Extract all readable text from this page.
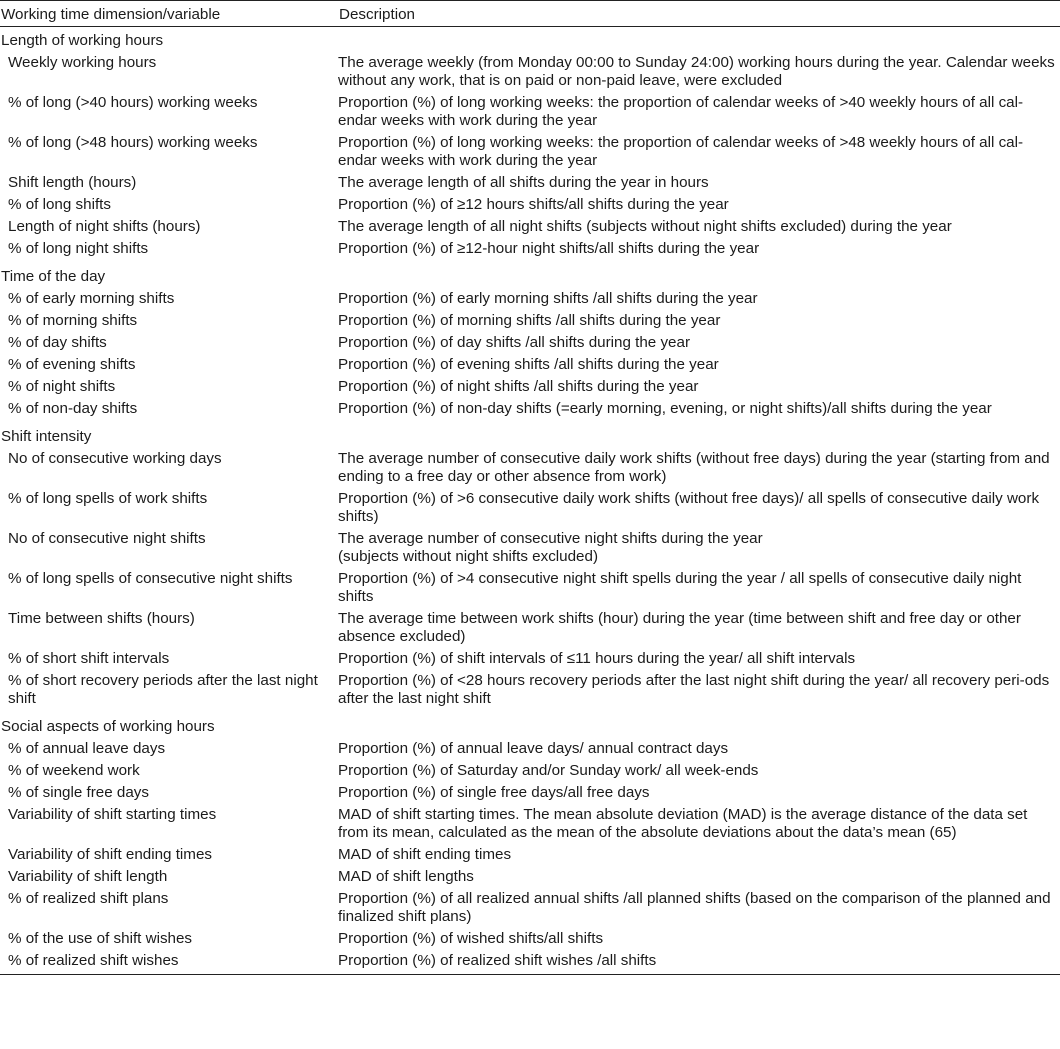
Working time dimension/variable	Description
Length of working hours	
Weekly working hours	The average weekly (from Monday 00:00 to Sunday 24:00) working hours during the year. Calendar weeks without any work, that is on paid or non-paid leave, were excluded
% of long (>40 hours) working weeks	Proportion (%) of long working weeks: the proportion of calendar weeks of >40 weekly hours of all cal-endar weeks with work during the year
% of long (>48 hours) working weeks	Proportion (%) of long working weeks: the proportion of calendar weeks of >48 weekly hours of all cal-endar weeks with work during the year
Shift length (hours)	The average length of all shifts during the year in hours
% of long shifts	Proportion (%) of ≥12 hours shifts/all shifts during the year
Length of night shifts (hours)	The average length of all night shifts (subjects without night shifts excluded) during the year
% of long night shifts	Proportion (%) of ≥12-hour night shifts/all shifts during the year
Time of the day	
% of early morning shifts	Proportion (%) of early morning shifts /all shifts during the year
% of morning shifts	Proportion (%) of morning shifts /all shifts during the year
% of day shifts	Proportion (%) of day shifts /all shifts during the year
% of evening shifts	Proportion (%) of evening shifts /all shifts during the year
% of night shifts	Proportion (%) of night shifts /all shifts during the year
% of non-day shifts	Proportion (%) of non-day shifts (=early morning, evening, or night shifts)/all shifts during the year
Shift intensity	
No of consecutive working days	The average number of consecutive daily work shifts (without free days) during the year (starting from and ending to a free day or other absence from work)
% of long spells of work shifts	Proportion (%) of >6 consecutive daily work shifts (without free days)/ all spells of consecutive daily work shifts)
No of consecutive night shifts	The average number of consecutive night shifts during the year
(subjects without night shifts excluded)
% of long spells of consecutive night shifts	Proportion (%) of >4 consecutive night shift spells during the year / all spells of consecutive daily night shifts
Time between shifts (hours)	The average time between work shifts (hour) during the year (time between shift and free day or other absence excluded)
% of short shift intervals	Proportion (%) of shift intervals of ≤11 hours during the year/ all shift intervals
% of short recovery periods after the last night shift	Proportion (%) of <28 hours recovery periods after the last night shift during the year/ all recovery peri-ods after the last night shift
Social aspects of working hours	
% of annual leave days	Proportion (%) of annual leave days/ annual contract days
% of weekend work	Proportion (%) of Saturday and/or Sunday work/ all week-ends
% of single free days	Proportion (%) of single free days/all free days
Variability of shift starting times	MAD of shift starting times. The mean absolute deviation (MAD) is the average distance of the data set from its mean, calculated as the mean of the absolute deviations about the data’s mean (65)
Variability of shift ending times	MAD of shift ending times
Variability of shift length	MAD of shift lengths
% of realized shift plans	Proportion (%) of all realized annual shifts /all planned shifts (based on the comparison of the planned and finalized shift plans)
% of the use of shift wishes	Proportion (%) of wished shifts/all shifts
% of realized shift wishes	Proportion (%) of realized shift wishes /all shifts
